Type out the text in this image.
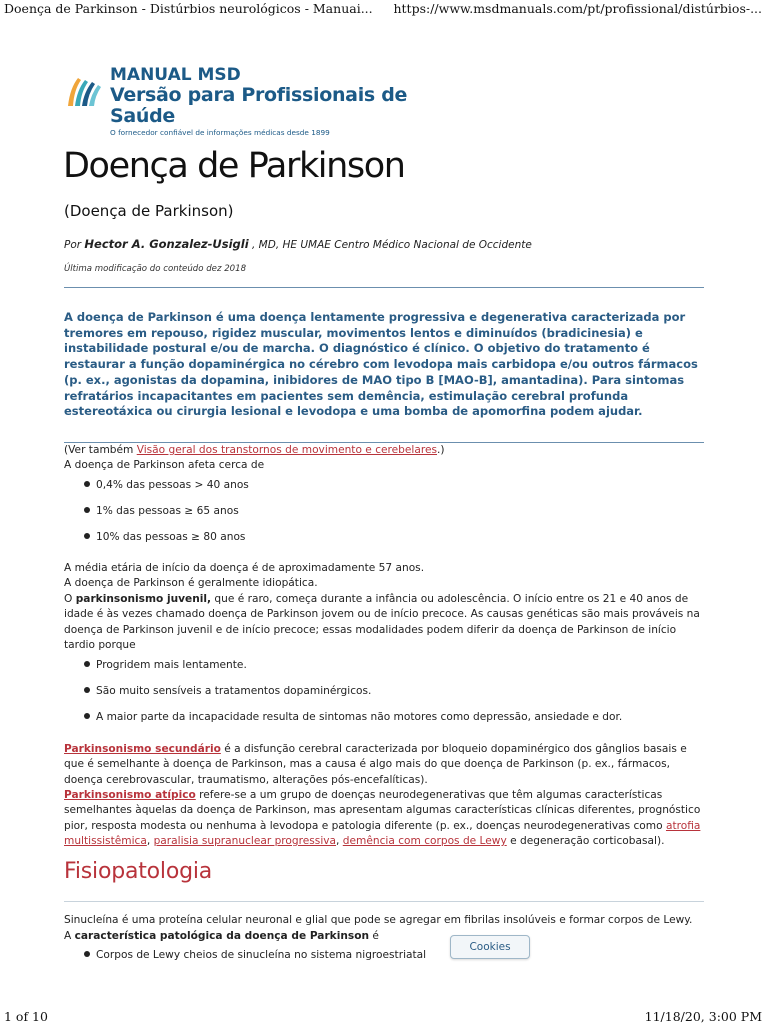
Doença de Parkinson - Distúrbios neurológicos - Manuai... https://www.msdmanuals.com/pt/profissional/distúrbios-...
MANUAL MSD
Versão para Profissionais de Saúde
O fornecedor confiável de informações médicas desde 1899
Doença de Parkinson
(Doença de Parkinson)
Por Hector A. Gonzalez-Usigli , MD, HE UMAE Centro Médico Nacional de Occidente
Última modificação do conteúdo dez 2018
A doença de Parkinson é uma doença lentamente progressiva e degenerativa caracterizada por tremores em repouso, rigidez muscular, movimentos lentos e diminuídos (bradicinesia) e instabilidade postural e/ou de marcha. O diagnóstico é clínico. O objetivo do tratamento é restaurar a função dopaminérgica no cérebro com levodopa mais carbidopa e/ou outros fármacos (p. ex., agonistas da dopamina, inibidores de MAO tipo B [MAO-B], amantadina). Para sintomas refratários incapacitantes em pacientes sem demência, estimulação cerebral profunda estereotáxica ou cirurgia lesional e levodopa e uma bomba de apomorfina podem ajudar.
(Ver também Visão geral dos transtornos de movimento e cerebelares.)
A doença de Parkinson afeta cerca de
0,4% das pessoas > 40 anos
1% das pessoas ≥ 65 anos
10% das pessoas ≥ 80 anos
A média etária de início da doença é de aproximadamente 57 anos.
A doença de Parkinson é geralmente idiopática.
O parkinsonismo juvenil, que é raro, começa durante a infância ou adolescência. O início entre os 21 e 40 anos de idade é às vezes chamado doença de Parkinson jovem ou de início precoce. As causas genéticas são mais prováveis na doença de Parkinson juvenil e de início precoce; essas modalidades podem diferir da doença de Parkinson de início tardio porque
Progridem mais lentamente.
São muito sensíveis a tratamentos dopaminérgicos.
A maior parte da incapacidade resulta de sintomas não motores como depressão, ansiedade e dor.
Parkinsonismo secundário é a disfunção cerebral caracterizada por bloqueio dopaminérgico dos gânglios basais e que é semelhante à doença de Parkinson, mas a causa é algo mais do que doença de Parkinson (p. ex., fármacos, doença cerebrovascular, traumatismo, alterações pós-encefalíticas).
Parkinsonismo atípico refere-se a um grupo de doenças neurodegenerativas que têm algumas características semelhantes àquelas da doença de Parkinson, mas apresentam algumas características clínicas diferentes, prognóstico pior, resposta modesta ou nenhuma à levodopa e patologia diferente (p. ex., doenças neurodegenerativas como atrofia multissistêmica, paralisia supranuclear progressiva, demência com corpos de Lewy e degeneração corticobasal).
Fisiopatologia
Sinucleína é uma proteína celular neuronal e glial que pode se agregar em fibrilas insolúveis e formar corpos de Lewy.
A característica patológica da doença de Parkinson é
Corpos de Lewy cheios de sinucleína no sistema nigroestriatal
Cookies
1 of 10	11/18/20, 3:00 PM
